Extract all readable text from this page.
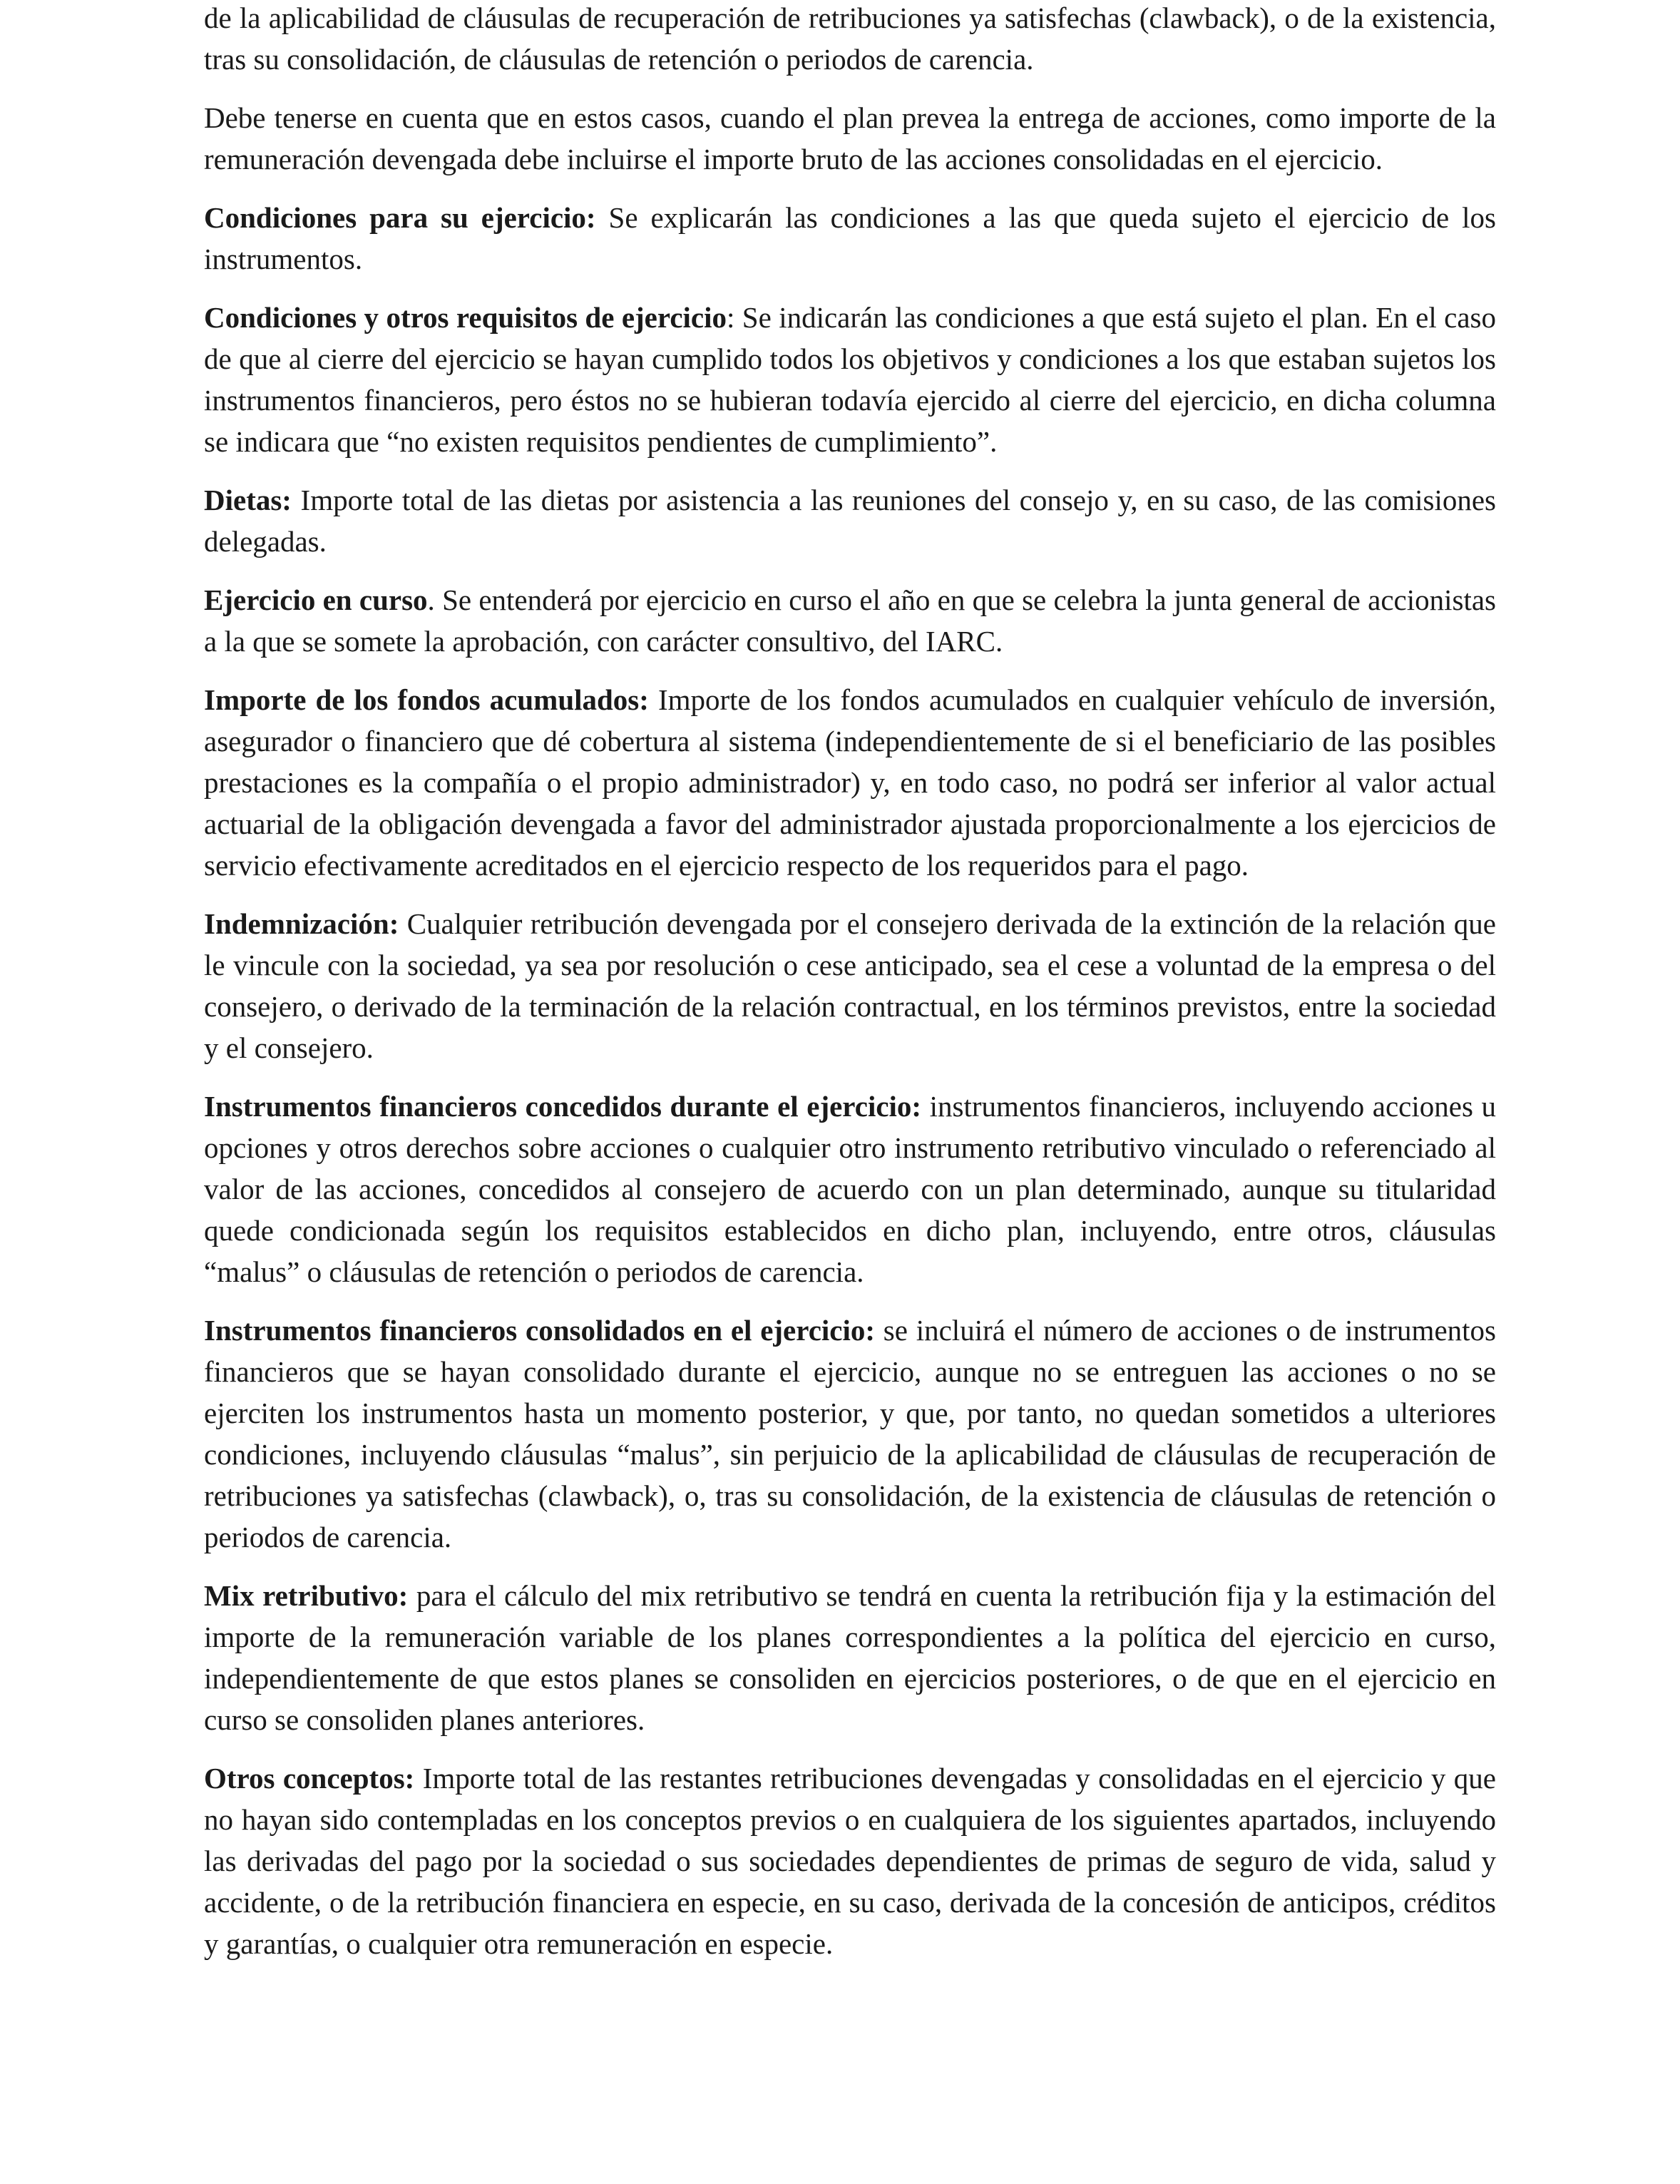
de la aplicabilidad de cláusulas de recuperación de retribuciones ya satisfechas (clawback), o de la existencia, tras su consolidación, de cláusulas de retención o periodos de carencia.

Debe tenerse en cuenta que en estos casos, cuando el plan prevea la entrega de acciones, como importe de la remuneración devengada debe incluirse el importe bruto de las acciones consolidadas en el ejercicio.

Condiciones para su ejercicio: Se explicarán las condiciones a las que queda sujeto el ejercicio de los instrumentos.

Condiciones y otros requisitos de ejercicio: Se indicarán las condiciones a que está sujeto el plan. En el caso de que al cierre del ejercicio se hayan cumplido todos los objetivos y condiciones a los que estaban sujetos los instrumentos financieros, pero éstos no se hubieran todavía ejercido al cierre del ejercicio, en dicha columna se indicara que “no existen requisitos pendientes de cumplimiento”.

Dietas: Importe total de las dietas por asistencia a las reuniones del consejo y, en su caso, de las comisiones delegadas.

Ejercicio en curso. Se entenderá por ejercicio en curso el año en que se celebra la junta general de accionistas a la que se somete la aprobación, con carácter consultivo, del IARC.

Importe de los fondos acumulados: Importe de los fondos acumulados en cualquier vehículo de inversión, asegurador o financiero que dé cobertura al sistema (independientemente de si el beneficiario de las posibles prestaciones es la compañía o el propio administrador) y, en todo caso, no podrá ser inferior al valor actual actuarial de la obligación devengada a favor del administrador ajustada proporcionalmente a los ejercicios de servicio efectivamente acreditados en el ejercicio respecto de los requeridos para el pago.

Indemnización: Cualquier retribución devengada por el consejero derivada de la extinción de la relación que le vincule con la sociedad, ya sea por resolución o cese anticipado, sea el cese a voluntad de la empresa o del consejero, o derivado de la terminación de la relación contractual, en los términos previstos, entre la sociedad y el consejero.

Instrumentos financieros concedidos durante el ejercicio: instrumentos financieros, incluyendo acciones u opciones y otros derechos sobre acciones o cualquier otro instrumento retributivo vinculado o referenciado al valor de las acciones, concedidos al consejero de acuerdo con un plan determinado, aunque su titularidad quede condicionada según los requisitos establecidos en dicho plan, incluyendo, entre otros, cláusulas “malus” o cláusulas de retención o periodos de carencia.

Instrumentos financieros consolidados en el ejercicio: se incluirá el número de acciones o de instrumentos financieros que se hayan consolidado durante el ejercicio, aunque no se entreguen las acciones o no se ejerciten los instrumentos hasta un momento posterior, y que, por tanto, no quedan sometidos a ulteriores condiciones, incluyendo cláusulas “malus”, sin perjuicio de la aplicabilidad de cláusulas de recuperación de retribuciones ya satisfechas (clawback), o, tras su consolidación, de la existencia de cláusulas de retención o periodos de carencia.

Mix retributivo: para el cálculo del mix retributivo se tendrá en cuenta la retribución fija y la estimación del importe de la remuneración variable de los planes correspondientes a la política del ejercicio en curso, independientemente de que estos planes se consoliden en ejercicios posteriores, o de que en el ejercicio en curso se consoliden planes anteriores.

Otros conceptos: Importe total de las restantes retribuciones devengadas y consolidadas en el ejercicio y que no hayan sido contempladas en los conceptos previos o en cualquiera de los siguientes apartados, incluyendo las derivadas del pago por la sociedad o sus sociedades dependientes de primas de seguro de vida, salud y accidente, o de la retribución financiera en especie, en su caso, derivada de la concesión de anticipos, créditos y garantías, o cualquier otra remuneración en especie.
